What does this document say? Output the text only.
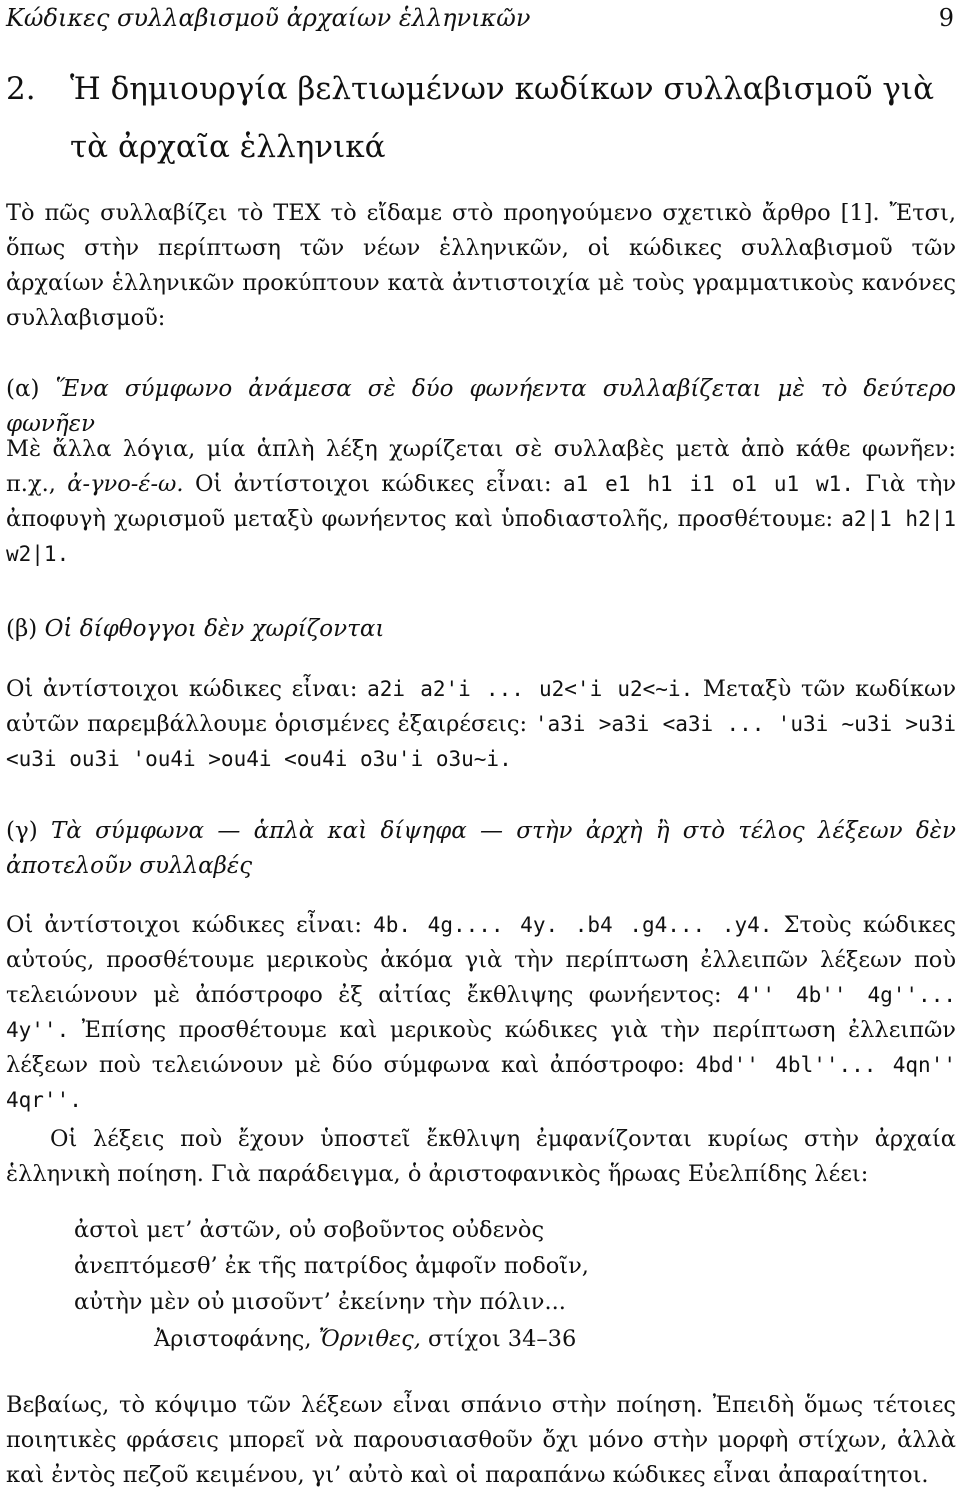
Κώδικες συλλαβισμοῦ ἀρχαίων ἑλληνικῶν	9
2. Ἡ δημιουργία βελτιωμένων κωδίκων συλλαβισμοῦ γιὰ
τὰ ἀρχαῖα ἑλληνικά

Τὸ πῶς συλλαβίζει τὸ TEX τὸ εἴδαμε στὸ προηγούμενο σχετικὸ ἄρθρο [1]. Ἔτσι, ὅπως στὴν περίπτωση τῶν νέων ἑλληνικῶν, οἱ κώδικες συλλαβισμοῦ τῶν ἀρχαίων ἑλληνικῶν προκύπτουν κατὰ ἀντιστοιχία μὲ τοὺς γραμματικοὺς κανόνες συλλαβισμοῦ:

(α) Ἕνα σύμφωνο ἀνάμεσα σὲ δύο φωνήεντα συλλαβίζεται μὲ τὸ δεύτερο φωνῆεν

Μὲ ἄλλα λόγια, μία ἁπλὴ λέξη χωρίζεται σὲ συλλαβὲς μετὰ ἀπὸ κάθε φωνῆεν: π.χ., ἀ-γνο-έ-ω. Οἱ ἀντίστοιχοι κώδικες εἶναι: a1 e1 h1 i1 o1 u1 w1. Γιὰ τὴν ἀποφυγὴ χωρισμοῦ μεταξὺ φωνήεντος καὶ ὑποδιαστολῆς, προσθέτουμε: a2|1 h2|1 w2|1.

(β) Οἱ δίφθογγοι δὲν χωρίζονται

Οἱ ἀντίστοιχοι κώδικες εἶναι: a2i a2'i ... u2<'i u2<~i. Μεταξὺ τῶν κωδίκων αὐτῶν παρεμβάλλουμε ὁρισμένες ἐξαιρέσεις: 'a3i >a3i <a3i ... 'u3i ~u3i >u3i <u3i ou3i 'ou4i >ou4i <ou4i o3u'i o3u~i.

(γ) Τὰ σύμφωνα — ἁπλὰ καὶ δίψηφα — στὴν ἀρχὴ ἢ στὸ τέλος λέξεων δὲν ἀποτελοῦν συλλαβές

Οἱ ἀντίστοιχοι κώδικες εἶναι: 4b. 4g.... 4y. .b4 .g4... .y4. Στοὺς κώδικες αὐτούς, προσθέτουμε μερικοὺς ἀκόμα γιὰ τὴν περίπτωση ἐλλειπῶν λέξεων ποὺ τελειώνουν μὲ ἀπόστροφο ἐξ αἰτίας ἔκθλιψης φωνήεντος: 4'' 4b'' 4g''... 4y''. Ἐπίσης προσθέτουμε καὶ μερικοὺς κώδικες γιὰ τὴν περίπτωση ἐλλειπῶν λέξεων ποὺ τελειώνουν μὲ δύο σύμφωνα καὶ ἀπόστροφο: 4bd'' 4bl''... 4qn'' 4qr''.

Οἱ λέξεις ποὺ ἔχουν ὑποστεῖ ἔκθλιψη ἐμφανίζονται κυρίως στὴν ἀρχαία ἑλληνικὴ ποίηση. Γιὰ παράδειγμα, ὁ ἀριστοφανικὸς ἥρωας Εὐελπίδης λέει:

ἀστοὶ μετ’ ἀστῶν, οὐ σοβοῦντος οὐδενὸς
ἀνεπτόμεσθ’ ἐκ τῆς πατρίδος ἀμφοῖν ποδοῖν,
αὐτὴν μὲν οὐ μισοῦντ’ ἐκείνην τὴν πόλιν...
Ἀριστοφάνης, Ὄρνιθες, στίχοι 34–36

Βεβαίως, τὸ κόψιμο τῶν λέξεων εἶναι σπάνιο στὴν ποίηση. Ἐπειδὴ ὅμως τέτοιες ποιητικὲς φράσεις μπορεῖ νὰ παρουσιασθοῦν ὄχι μόνο στὴν μορφὴ στίχων, ἀλλὰ καὶ ἐντὸς πεζοῦ κειμένου, γι’ αὐτὸ καὶ οἱ παραπάνω κώδικες εἶναι ἀπαραίτητοι.
